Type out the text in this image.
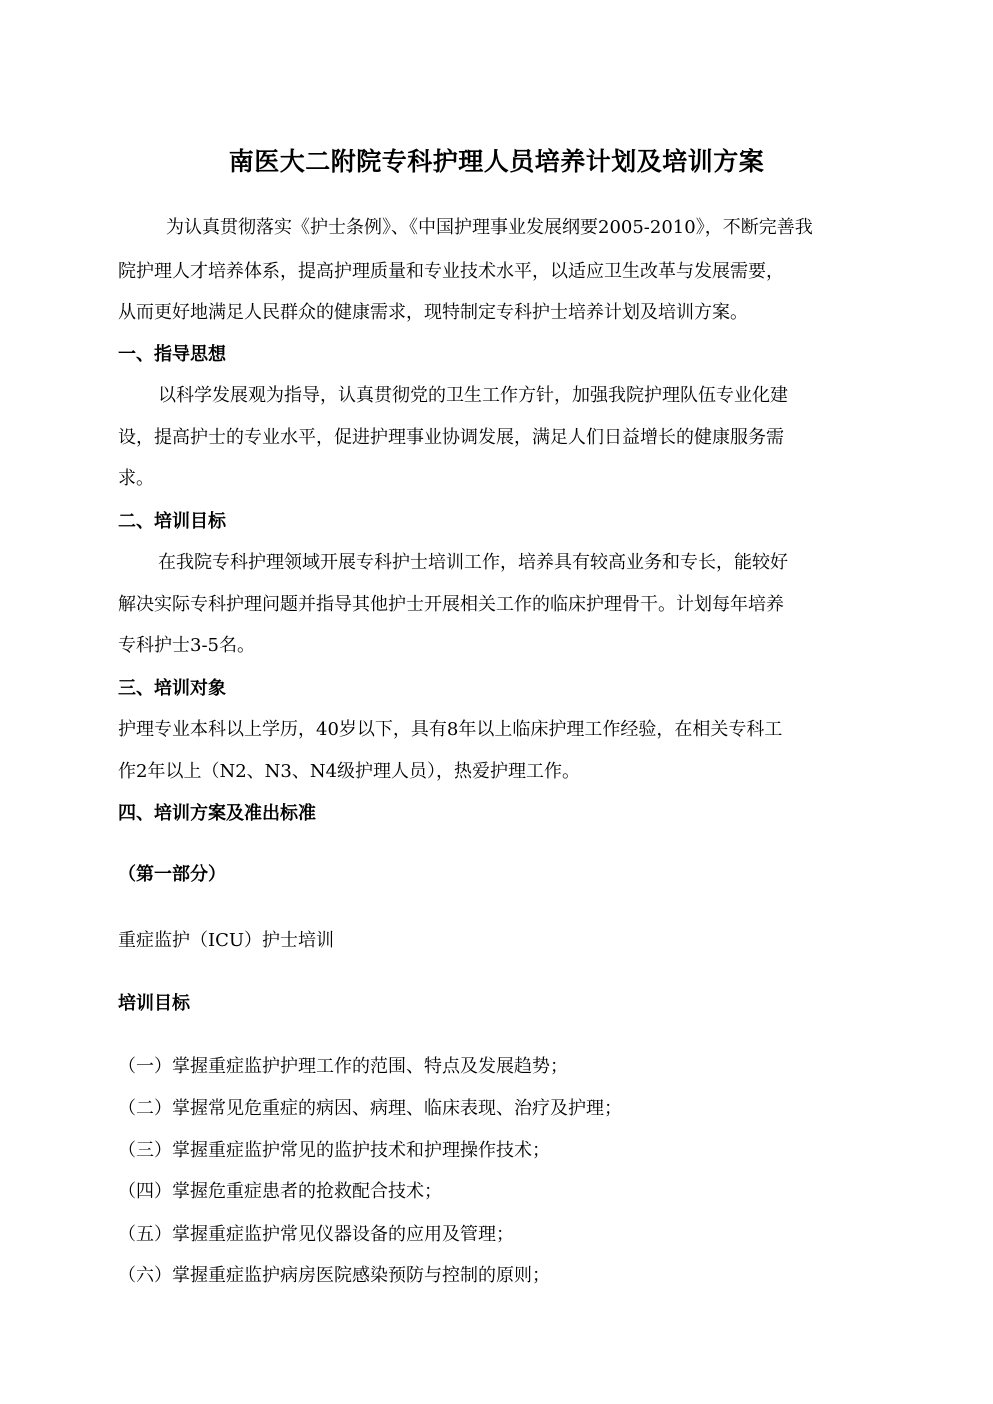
南医大二附院专科护理人员培养计划及培训方案
为认真贯彻落实《护士条例》、《中国护理事业发展纲要2005-2010》，不断完善我
院护理人才培养体系，提高护理质量和专业技术水平，以适应卫生改革与发展需要，
从而更好地满足人民群众的健康需求，现特制定专科护士培养计划及培训方案。
一、指导思想
以科学发展观为指导，认真贯彻党的卫生工作方针，加强我院护理队伍专业化建
设，提高护士的专业水平，促进护理事业协调发展，满足人们日益增长的健康服务需
求。
二、培训目标
在我院专科护理领域开展专科护士培训工作，培养具有较高业务和专长，能较好
解决实际专科护理问题并指导其他护士开展相关工作的临床护理骨干。计划每年培养
专科护士3-5名。
三、培训对象
护理专业本科以上学历，40岁以下，具有8年以上临床护理工作经验，在相关专科工
作2年以上（N2、N3、N4级护理人员），热爱护理工作。
四、培训方案及准出标准
（第一部分）
重症监护（ICU）护士培训
培训目标
（一）掌握重症监护护理工作的范围、特点及发展趋势；
（二）掌握常见危重症的病因、病理、临床表现、治疗及护理；
（三）掌握重症监护常见的监护技术和护理操作技术；
（四）掌握危重症患者的抢救配合技术；
（五）掌握重症监护常见仪器设备的应用及管理；
（六）掌握重症监护病房医院感染预防与控制的原则；
